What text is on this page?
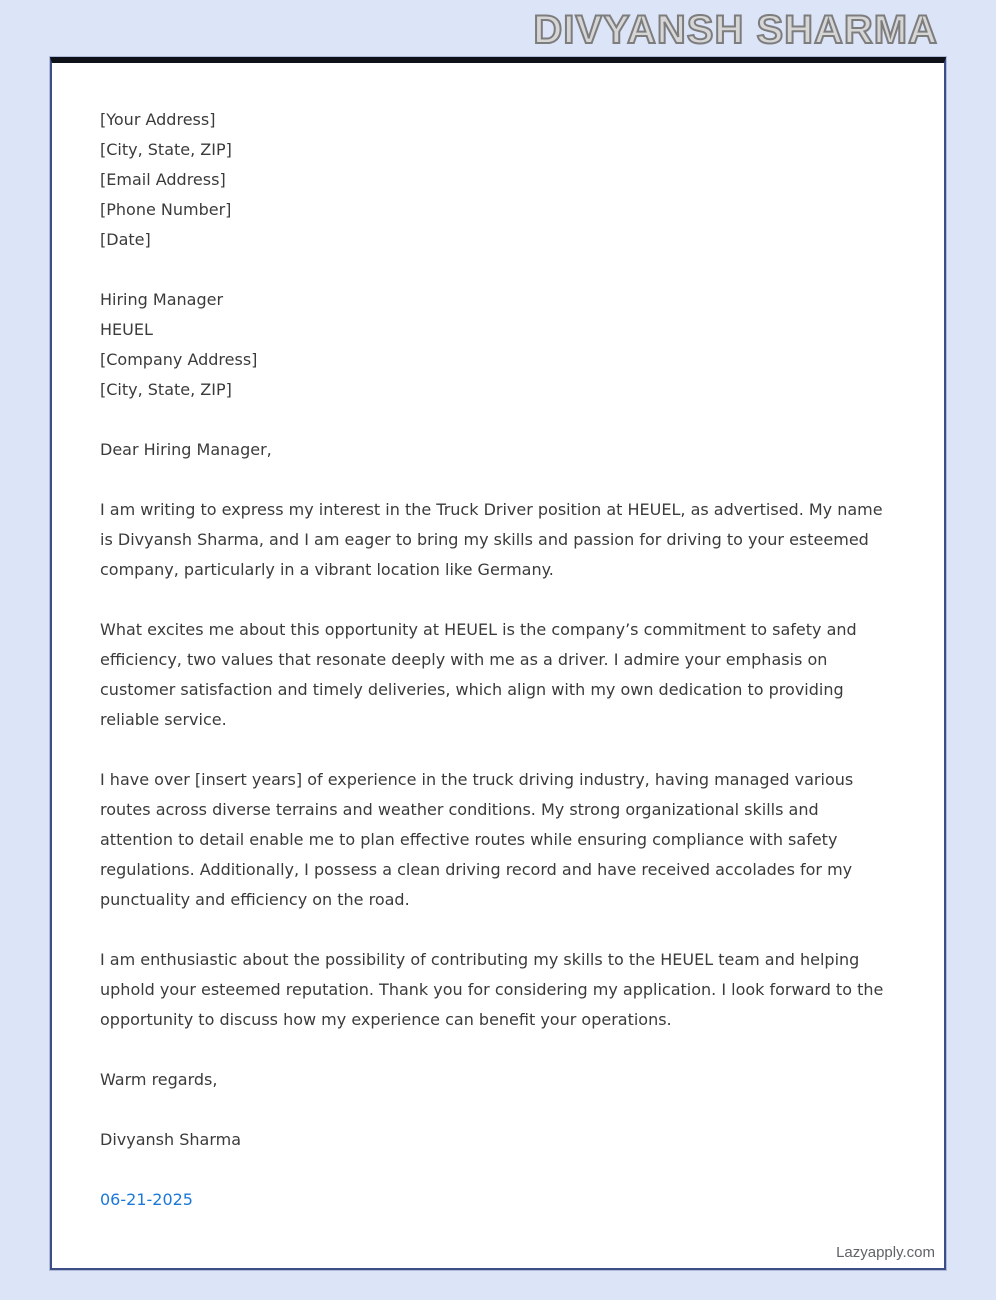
DIVYANSH SHARMA
[Your Address]
[City, State, ZIP]
[Email Address]
[Phone Number]
[Date]
Hiring Manager
HEUEL
[Company Address]
[City, State, ZIP]
Dear Hiring Manager,

I am writing to express my interest in the Truck Driver position at HEUEL, as advertised. My name is Divyansh Sharma, and I am eager to bring my skills and passion for driving to your esteemed company, particularly in a vibrant location like Germany.

What excites me about this opportunity at HEUEL is the company’s commitment to safety and efficiency, two values that resonate deeply with me as a driver. I admire your emphasis on customer satisfaction and timely deliveries, which align with my own dedication to providing reliable service.

I have over [insert years] of experience in the truck driving industry, having managed various routes across diverse terrains and weather conditions. My strong organizational skills and attention to detail enable me to plan effective routes while ensuring compliance with safety regulations. Additionally, I possess a clean driving record and have received accolades for my punctuality and efficiency on the road.

I am enthusiastic about the possibility of contributing my skills to the HEUEL team and helping uphold your esteemed reputation. Thank you for considering my application. I look forward to the opportunity to discuss how my experience can benefit your operations.

Warm regards,
Divyansh Sharma
06-21-2025
Lazyapply.com
